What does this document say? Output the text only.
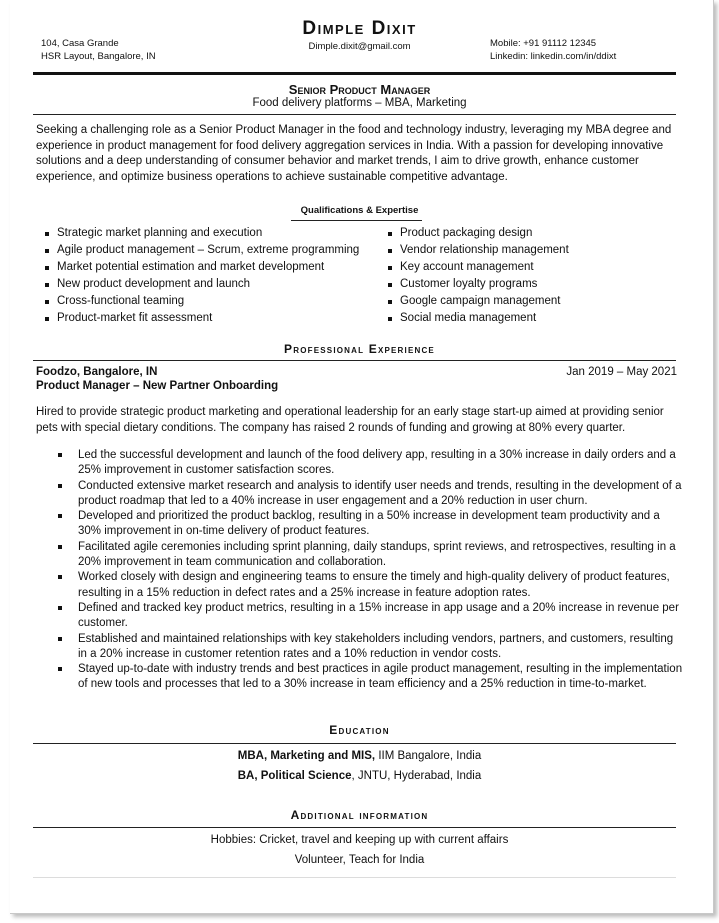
104, Casa Grande
HSR Layout, Bangalore, IN
Dimple Dixit
Dimple.dixit@gmail.com	Mobile: +91 91112 12345
Linkedin: linkedin.com/in/ddixt
Senior Product Manager
Food delivery platforms – MBA, Marketing
Seeking a challenging role as a Senior Product Manager in the food and technology industry, leveraging my MBA degree and experience in product management for food delivery aggregation services in India. With a passion for developing innovative solutions and a deep understanding of consumer behavior and market trends, I aim to drive growth, enhance customer experience, and optimize business operations to achieve sustainable competitive advantage.
Qualifications & Expertise
Strategic market planning and execution
Agile product management – Scrum, extreme programming
Market potential estimation and market development
New product development and launch
Cross-functional teaming
Product-market fit assessment
Product packaging design
Vendor relationship management
Key account management
Customer loyalty programs
Google campaign management
Social media management
Professional Experience
Foodzo, Bangalore, IN
Product Manager – New Partner Onboarding
Jan 2019 – May 2021
Hired to provide strategic product marketing and operational leadership for an early stage start-up aimed at providing senior pets with special dietary conditions. The company has raised 2 rounds of funding and growing at 80% every quarter.
Led the successful development and launch of the food delivery app, resulting in a 30% increase in daily orders and a 25% improvement in customer satisfaction scores.
Conducted extensive market research and analysis to identify user needs and trends, resulting in the development of a product roadmap that led to a 40% increase in user engagement and a 20% reduction in user churn.
Developed and prioritized the product backlog, resulting in a 50% increase in development team productivity and a 30% improvement in on-time delivery of product features.
Facilitated agile ceremonies including sprint planning, daily standups, sprint reviews, and retrospectives, resulting in a 20% improvement in team communication and collaboration.
Worked closely with design and engineering teams to ensure the timely and high-quality delivery of product features, resulting in a 15% reduction in defect rates and a 25% increase in feature adoption rates.
Defined and tracked key product metrics, resulting in a 15% increase in app usage and a 20% increase in revenue per customer.
Established and maintained relationships with key stakeholders including vendors, partners, and customers, resulting in a 20% increase in customer retention rates and a 10% reduction in vendor costs.
Stayed up-to-date with industry trends and best practices in agile product management, resulting in the implementation of new tools and processes that led to a 30% increase in team efficiency and a 25% reduction in time-to-market.
Education
MBA, Marketing and MIS, IIM Bangalore, India
BA, Political Science, JNTU, Hyderabad, India
Additional information
Hobbies: Cricket, travel and keeping up with current affairs
Volunteer, Teach for India
